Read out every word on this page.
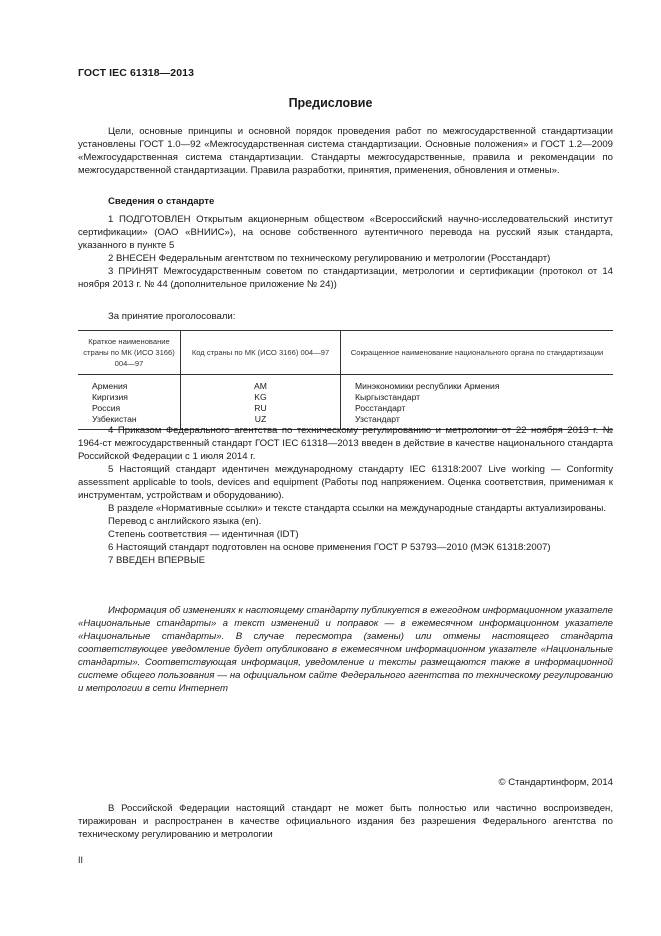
ГОСТ IEC 61318—2013
Предисловие

Цели, основные принципы и основной порядок проведения работ по межгосударственной стандартизации установлены ГОСТ 1.0—92 «Межгосударственная система стандартизации. Основные положения» и ГОСТ 1.2—2009 «Межгосударственная система стандартизации. Стандарты межгосударственные, правила и рекомендации по межгосударственной стандартизации. Правила разработки, принятия, применения, обновления и отмены».

Сведения о стандарте

1 ПОДГОТОВЛЕН Открытым акционерным обществом «Всероссийский научно-исследовательский институт сертификации» (ОАО «ВНИИС»), на основе собственного аутентичного перевода на русский язык стандарта, указанного в пункте 5

2 ВНЕСЕН Федеральным агентством по техническому регулированию и метрологии (Росстандарт)

3 ПРИНЯТ Межгосударственным советом по стандартизации, метрологии и сертификации (протокол от 14 ноября 2013 г. № 44 (дополнительное приложение № 24))

За принятие проголосовали:
Краткое наименование страны по МК (ИСО 3166) 004—97	Код страны по МК (ИСО 3166) 004—97	Сокращенное наименование национального органа по стандартизации
Армения	AM	Минэкономики республики Армения
Киргизия	KG	Кыргызстандарт
Россия	RU	Росстандарт
Узбекистан	UZ	Узстандарт

4 Приказом Федерального агентства по техническому регулированию и метрологии от 22 ноября 2013 г. № 1964-ст межгосударственный стандарт ГОСТ IEC 61318—2013 введен в действие в качестве национального стандарта Российской Федерации с 1 июля 2014 г.

5 Настоящий стандарт идентичен международному стандарту IEC 61318:2007 Live working — Conformity assessment applicable to tools, devices and equipment (Работы под напряжением. Оценка соответствия, применимая к инструментам, устройствам и оборудованию).

В разделе «Нормативные ссылки» и тексте стандарта ссылки на международные стандарты актуализированы.

Перевод с английского языка (en).

Степень соответствия — идентичная (IDT)

6 Настоящий стандарт подготовлен на основе применения ГОСТ Р 53793—2010 (МЭК 61318:2007)

7 ВВЕДЕН ВПЕРВЫЕ

Информация об изменениях к настоящему стандарту публикуется в ежегодном информационном указателе «Национальные стандарты» а текст изменений и поправок — в ежемесячном информационном указателе «Национальные стандарты». В случае пересмотра (замены) или отмены настоящего стандарта соответствующее уведомление будет опубликовано в ежемесячном информационном указателе «Национальные стандарты». Соответствующая информация, уведомление и тексты размещаются также в информационной системе общего пользования — на официальном сайте Федерального агентства по техническому регулированию и метрологии в сети Интернет

© Стандартинформ, 2014

В Российской Федерации настоящий стандарт не может быть полностью или частично воспроизведен, тиражирован и распространен в качестве официального издания без разрешения Федерального агентства по техническому регулированию и метрологии

II
